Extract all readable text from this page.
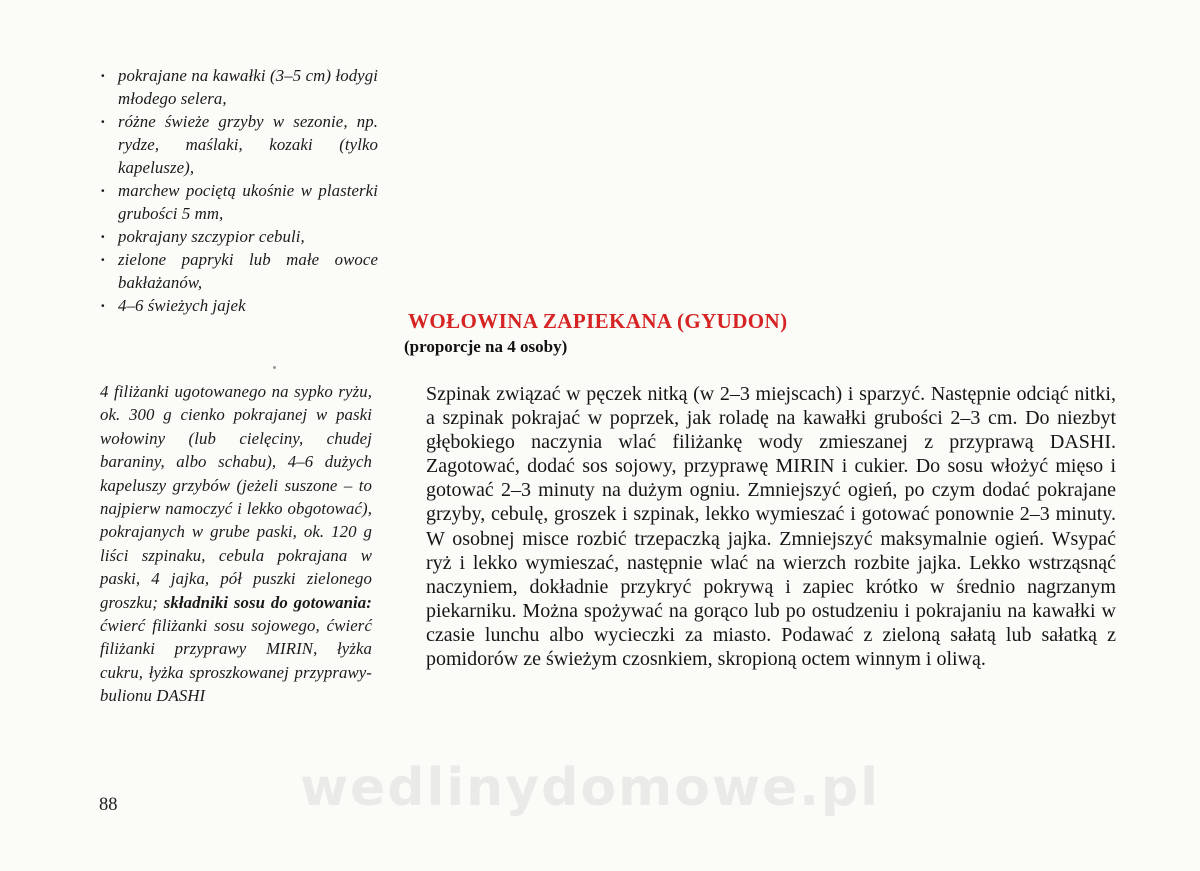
· pokrajane na kawałki (3–5 cm) łodygi młodego selera,
· różne świeże grzyby w sezonie, np. rydze, maślaki, kozaki (tylko kapelusze),
· marchew pociętą ukośnie w plasterki grubości 5 mm,
· pokrajany szczypior cebuli,
· zielone papryki lub małe owoce bakłażanów,
· 4–6 świeżych jajek

4 filiżanki ugotowanego na sypko ryżu, ok. 300 g cienko pokrajanej w paski wołowiny (lub cielęciny, chudej baraniny, albo schabu), 4–6 dużych kapeluszy grzybów (jeżeli suszone – to najpierw namoczyć i lekko obgotować), pokrajanych w grube paski, ok. 120 g liści szpinaku, cebula pokrajana w paski, 4 jajka, pół puszki zielonego groszku; składniki sosu do gotowania: ćwierć filiżanki sosu sojowego, ćwierć filiżanki przyprawy MIRIN, łyżka cukru, łyżka sproszkowanej przyprawy-bulionu DASHI

WOŁOWINA ZAPIEKANA (GYUDON)
(proporcje na 4 osoby)

Szpinak związać w pęczek nitką (w 2–3 miejscach) i sparzyć. Następnie odciąć nitki, a szpinak pokrajać w poprzek, jak roladę na kawałki grubości 2–3 cm. Do niezbyt głębokiego naczynia wlać filiżankę wody zmieszanej z przyprawą DASHI. Zagotować, dodać sos sojowy, przyprawę MIRIN i cukier. Do sosu włożyć mięso i gotować 2–3 minuty na dużym ogniu. Zmniejszyć ogień, po czym dodać pokrajane grzyby, cebulę, groszek i szpinak, lekko wymieszać i gotować ponownie 2–3 minuty. W osobnej misce rozbić trzepaczką jajka. Zmniejszyć maksymalnie ogień. Wsypać ryż i lekko wymieszać, następnie wlać na wierzch rozbite jajka. Lekko wstrząsnąć naczyniem, dokładnie przykryć pokrywą i zapiec krótko w średnio nagrzanym piekarniku. Można spożywać na gorąco lub po ostudzeniu i pokrajaniu na kawałki w czasie lunchu albo wycieczki za miasto. Podawać z zieloną sałatą lub sałatką z pomidorów ze świeżym czosnkiem, skropioną octem winnym i oliwą.

wedlinydomowe.pl

88
